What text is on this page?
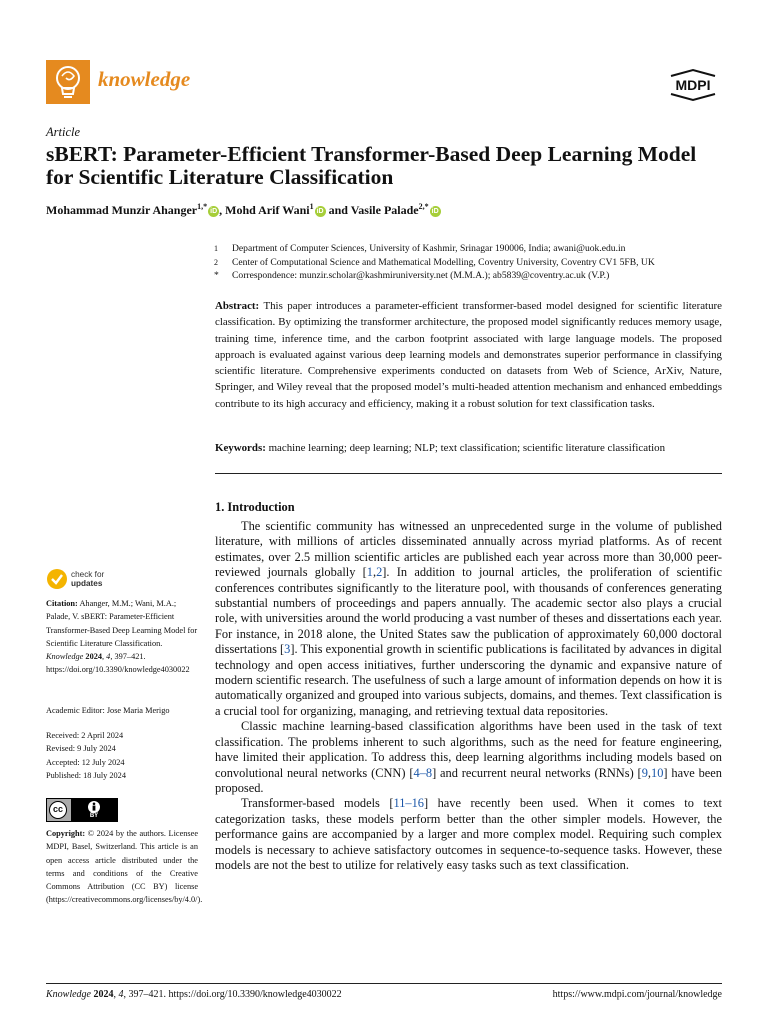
knowledge	MDPI
Article
sBERT: Parameter-Efficient Transformer-Based Deep Learning Model for Scientific Literature Classification
Mohammad Munzir Ahanger$^{1,*}$iD , Mohd Arif Wani$^1$iD and Vasile Palade$^{2,*}$iD
1	Department of Computer Sciences, University of Kashmir, Srinagar 190006, India; awani@uok.edu.in
2	Center of Computational Science and Mathematical Modelling, Coventry University, Coventry CV1 5FB, UK
*	Correspondence: munzir.scholar@kashmiruniversity.net (M.M.A.); ab5839@coventry.ac.uk (V.P.)
Abstract: This paper introduces a parameter-efficient transformer-based model designed for scientific literature classification. By optimizing the transformer architecture, the proposed model significantly reduces memory usage, training time, inference time, and the carbon footprint associated with large language models. The proposed approach is evaluated against various deep learning models and demonstrates superior performance in classifying scientific literature. Comprehensive experiments conducted on datasets from Web of Science, ArXiv, Nature, Springer, and Wiley reveal that the proposed model’s multi-headed attention mechanism and enhanced embeddings contribute to its high accuracy and efficiency, making it a robust solution for text classification tasks.
Keywords: machine learning; deep learning; NLP; text classification; scientific literature classification
1. Introduction

The scientific community has witnessed an unprecedented surge in the volume of published literature, with millions of articles disseminated annually across myriad platforms. As of recent estimates, over 2.5 million scientific articles are published each year across more than 30,000 peer-reviewed journals globally [1,2]. In addition to journal articles, the proliferation of scientific conferences contributes significantly to the literature pool, with thousands of conferences generating substantial numbers of proceedings and papers annually. The academic sector also plays a crucial role, with universities around the world producing a vast number of theses and dissertations each year. For instance, in 2018 alone, the United States saw the publication of approximately 60,000 doctoral dissertations [3]. This exponential growth in scientific publications is facilitated by advances in digital technology and open access initiatives, further underscoring the dynamic and expansive nature of modern scientific research. The usefulness of such a large amount of information depends on how it is automatically organized and grouped into various subjects, domains, and themes. Text classification is a crucial tool for organizing, managing, and retrieving textual data repositories.

Classic machine learning-based classification algorithms have been used in the task of text classification. The problems inherent to such algorithms, such as the need for feature engineering, have limited their application. To address this, deep learning algorithms including models based on convolutional neural networks (CNN) [4–8] and recurrent neural networks (RNNs) [9,10] have been proposed.

Transformer-based models [11–16] have recently been used. When it comes to text categorization tasks, these models perform better than the other simpler models. However, the performance gains are accompanied by a larger and more complex model. Requiring such complex models is necessary to achieve satisfactory outcomes in sequence-to-sequence tasks. However, these models are not the best to utilize for relatively easy tasks such as text classification.

check for
updates
Citation: Ahanger, M.M.; Wani, M.A.; Palade, V. sBERT: Parameter-Efficient Transformer-Based Deep Learning Model for Scientific Literature Classification. Knowledge 2024, 4, 397–421. https://doi.org/10.3390/knowledge4030022
Academic Editor: Jose Maria Merigo
Received: 2 April 2024
Revised: 9 July 2024
Accepted: 12 July 2024
Published: 18 July 2024
cc
BY
Copyright: © 2024 by the authors. Licensee MDPI, Basel, Switzerland. This article is an open access article distributed under the terms and conditions of the Creative Commons Attribution (CC BY) license (https://creativecommons.org/licenses/by/4.0/).
Knowledge 2024, 4, 397–421. https://doi.org/10.3390/knowledge4030022	https://www.mdpi.com/journal/knowledge
